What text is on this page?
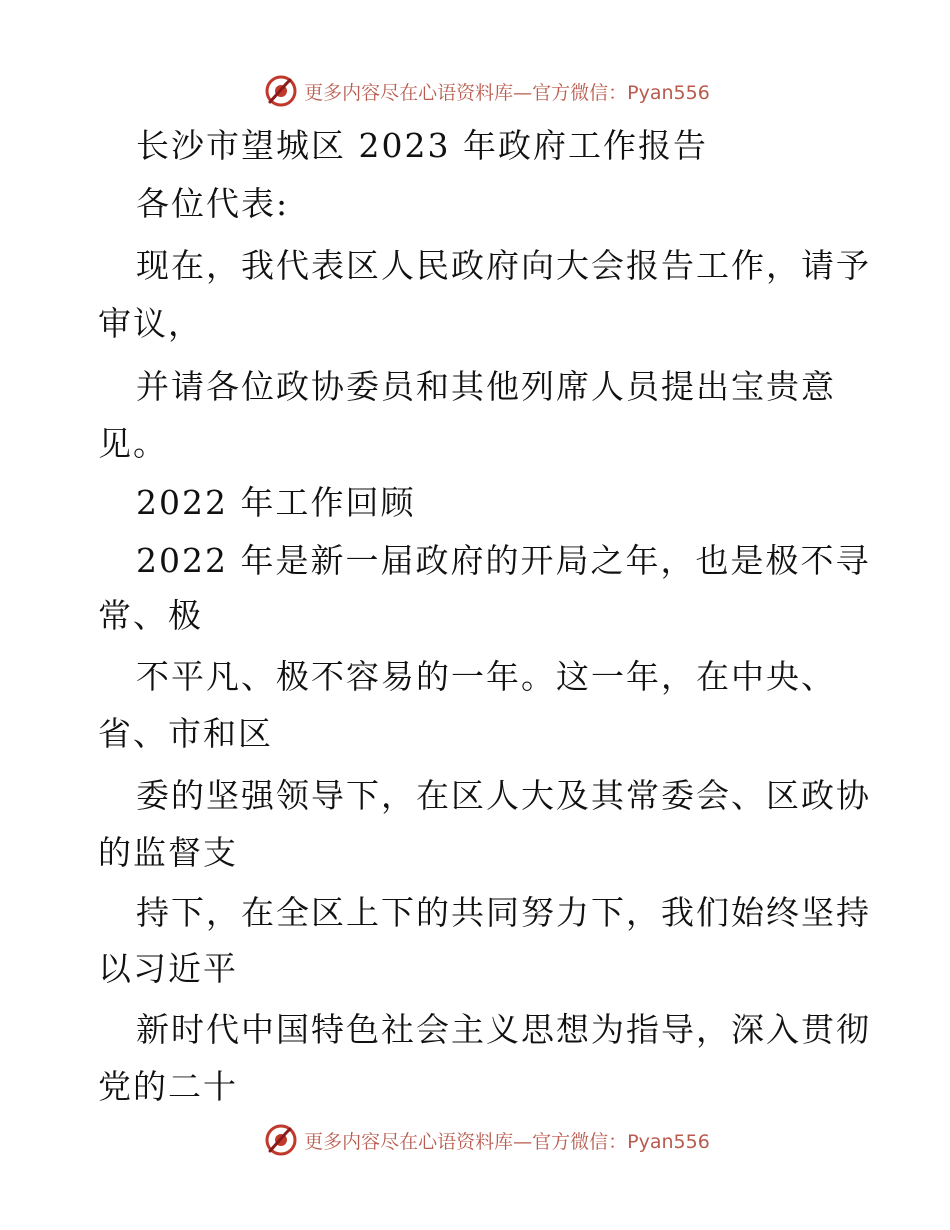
更多内容尽在心语资料库—官方微信：Pyan556
长沙市望城区 2023 年政府工作报告
各位代表:
现在，我代表区人民政府向大会报告工作，请予
审议，
并请各位政协委员和其他列席人员提出宝贵意
见。
2022 年工作回顾
2022 年是新一届政府的开局之年，也是极不寻
常、极
不平凡、极不容易的一年。这一年，在中央、
省、市和区
委的坚强领导下，在区人大及其常委会、区政协
的监督支
持下，在全区上下的共同努力下，我们始终坚持
以习近平
新时代中国特色社会主义思想为指导，深入贯彻
党的二十
更多内容尽在心语资料库—官方微信：Pyan556
